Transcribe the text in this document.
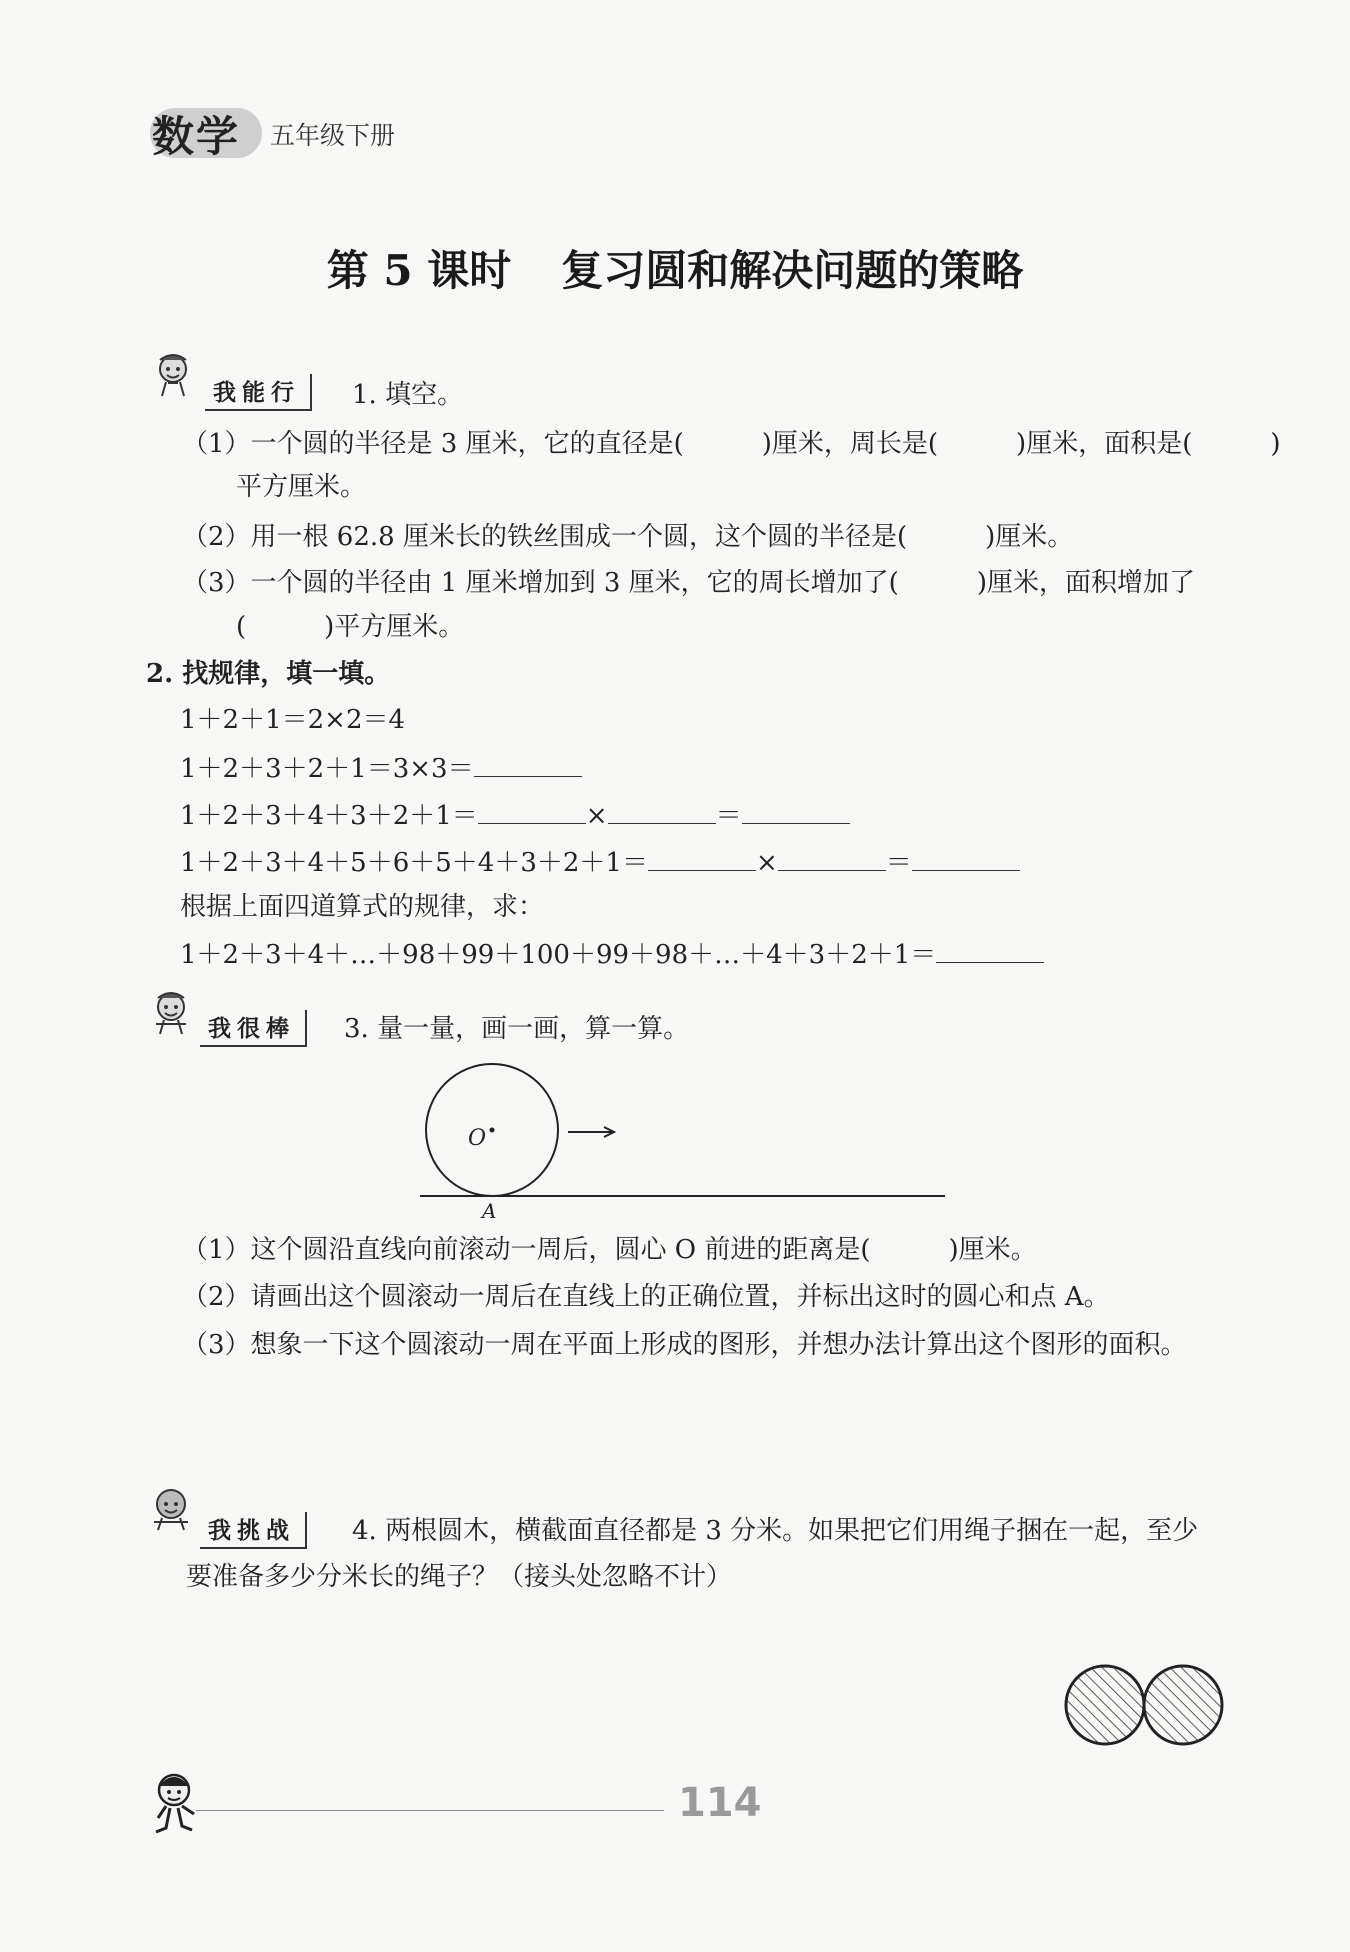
数学 五年级下册
第 5 课时 复习圆和解决问题的策略
我能行	1. 填空。
（1）一个圆的半径是 3 厘米，它的直径是(　　　)厘米，周长是(　　　)厘米，面积是(　　　)
平方厘米。
（2）用一根 62.8 厘米长的铁丝围成一个圆，这个圆的半径是(　　　)厘米。
（3）一个圆的半径由 1 厘米增加到 3 厘米，它的周长增加了(　　　)厘米，面积增加了
(　　　)平方厘米。
2. 找规律，填一填。
1＋2＋1＝2×2＝4
1＋2＋3＋2＋1＝3×3＝
1＋2＋3＋4＋3＋2＋1＝	×	＝
1＋2＋3＋4＋5＋6＋5＋4＋3＋2＋1＝	×	＝
根据上面四道算式的规律，求：
1＋2＋3＋4＋…＋98＋99＋100＋99＋98＋…＋4＋3＋2＋1＝
我很棒	3. 量一量，画一画，算一算。
O
A
（1）这个圆沿直线向前滚动一周后，圆心 O 前进的距离是(　　　)厘米。
（2）请画出这个圆滚动一周后在直线上的正确位置，并标出这时的圆心和点 A。
（3）想象一下这个圆滚动一周在平面上形成的图形，并想办法计算出这个图形的面积。
我挑战	4. 两根圆木，横截面直径都是 3 分米。如果把它们用绳子捆在一起，至少
要准备多少分米长的绳子？（接头处忽略不计）
114
